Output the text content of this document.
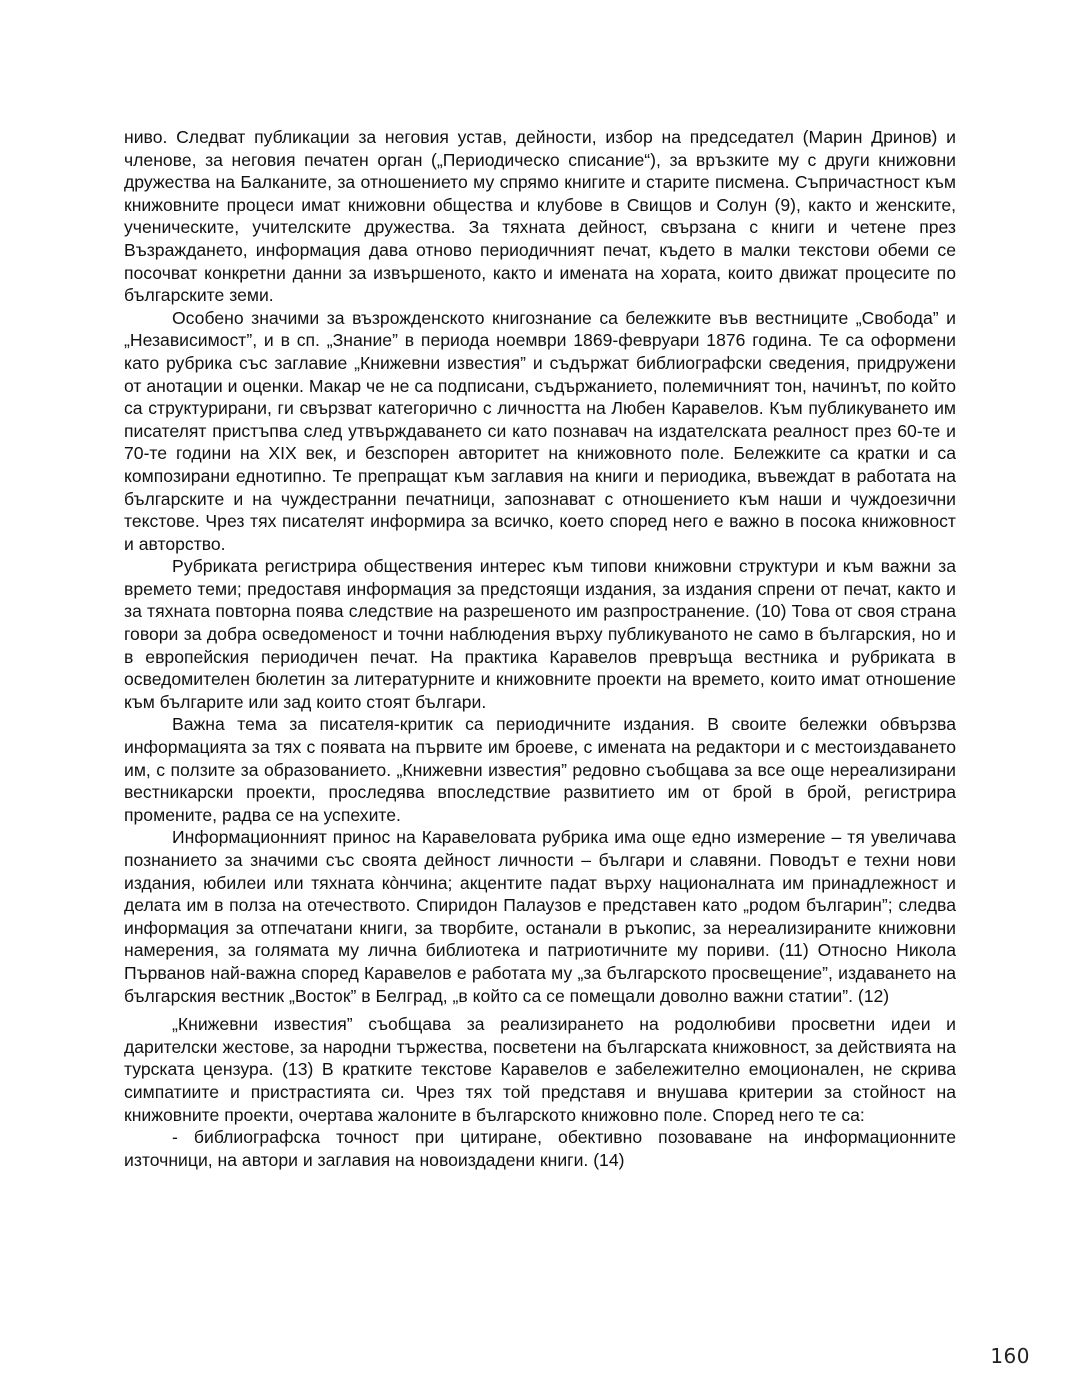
ниво. Следват публикации за неговия устав, дейности, избор на председател (Марин Дринов) и членове, за неговия печатен орган („Периодическо списание“), за връзките му с други книжовни дружества на Балканите, за отношението му спрямо книгите и старите писмена. Съпричастност към книжовните процеси имат книжовни общества и клубове в Свищов и Солун (9), както и женските, ученическите, учителските дружества. За тяхната дейност, свързана с книги и четене през Възраждането, информация дава отново периодичният печат, където в малки текстови обеми се посочват конкретни данни за извършеното, както и имената на хората, които движат процесите по българските земи.

Особено значими за възрожденското книгознание са бележките във вестниците „Свобода” и „Независимост”, и в сп. „Знание” в периода ноември 1869-февруари 1876 година. Те са оформени като рубрика със заглавие „Книжевни известия” и съдържат библиографски сведения, придружени от анотации и оценки. Макар че не са подписани, съдържанието, полемичният тон, начинът, по който са структурирани, ги свързват категорично с личността на Любен Каравелов. Към публикуването им писателят пристъпва след утвърждаването си като познавач на издателската реалност през 60-те и 70-те години на XIX век, и безспорен авторитет на книжовното поле. Бележките са кратки и са композирани еднотипно. Те препращат към заглавия на книги и периодика, въвеждат в работата на българските и на чуждестранни печатници, запознават с отношението към наши и чуждоезични текстове. Чрез тях писателят информира за всичко, което според него е важно в посока книжовност и авторство.

Рубриката регистрира обществения интерес към типови книжовни структури и към важни за времето теми; предоставя информация за предстоящи издания, за издания спрени от печат, както и за тяхната повторна поява следствие на разрешеното им разпространение. (10) Това от своя страна говори за добра осведоменост и точни наблюдения върху публикуваното не само в българския, но и в европейския периодичен печат. На практика Каравелов превръща вестника и рубриката в осведомителен бюлетин за литературните и книжовните проекти на времето, които имат отношение към българите или зад които стоят българи.

Важна тема за писателя-критик са периодичните издания. В своите бележки обвързва информацията за тях с появата на първите им броеве, с имената на редактори и с местоиздаването им, с ползите за образованието. „Книжевни известия” редовно съобщава за все още нереализирани вестникарски проекти, проследява впоследствие развитието им от брой в брой, регистрира промените, радва се на успехите.

Информационният принос на Каравеловата рубрика има още едно измерение – тя увеличава познанието за значими със своята дейност личности – българи и славяни. Поводът е техни нови издания, юбилеи или тяхната кòнчина; акцентите падат върху националната им принадлежност и делата им в полза на отечеството. Спиридон Палаузов е представен като „родом българин”; следва информация за отпечатани книги, за творбите, останали в ръкопис, за нереализираните книжовни намерения, за голямата му лична библиотека и патриотичните му пориви. (11) Относно Никола Първанов най-важна според Каравелов е работата му „за българското просвещение”, издаването на българския вестник „Восток” в Белград, „в който са се помещали доволно важни статии”. (12)

„Книжевни известия” съобщава за реализирането на родолюбиви просветни идеи и дарителски жестове, за народни тържества, посветени на българската книжовност, за действията на турската цензура. (13) В кратките текстове Каравелов е забележително емоционален, не скрива симпатиите и пристрастията си. Чрез тях той представя и внушава критерии за стойност на книжовните проекти, очертава жалоните в българското книжовно поле. Според него те са:

- библиографска точност при цитиране, обективно позоваване на информационните източници, на автори и заглавия на новоиздадени книги. (14)

160
